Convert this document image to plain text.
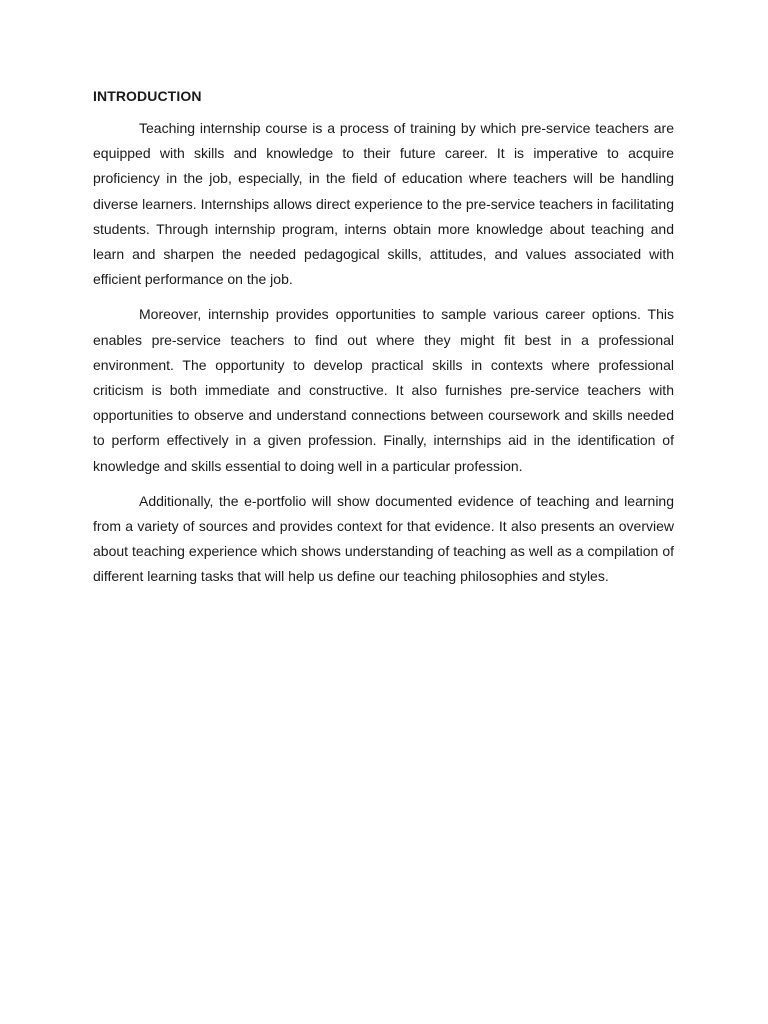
INTRODUCTION

Teaching internship course is a process of training by which pre-service teachers are equipped with skills and knowledge to their future career. It is imperative to acquire proficiency in the job, especially, in the field of education where teachers will be handling diverse learners. Internships allows direct experience to the pre-service teachers in facilitating students. Through internship program, interns obtain more knowledge about teaching and learn and sharpen the needed pedagogical skills, attitudes, and values associated with efficient performance on the job.

Moreover, internship provides opportunities to sample various career options. This enables pre-service teachers to find out where they might fit best in a professional environment. The opportunity to develop practical skills in contexts where professional criticism is both immediate and constructive. It also furnishes pre-service teachers with opportunities to observe and understand connections between coursework and skills needed to perform effectively in a given profession. Finally, internships aid in the identification of knowledge and skills essential to doing well in a particular profession.

Additionally, the e-portfolio will show documented evidence of teaching and learning from a variety of sources and provides context for that evidence. It also presents an overview about teaching experience which shows understanding of teaching as well as a compilation of different learning tasks that will help us define our teaching philosophies and styles.
